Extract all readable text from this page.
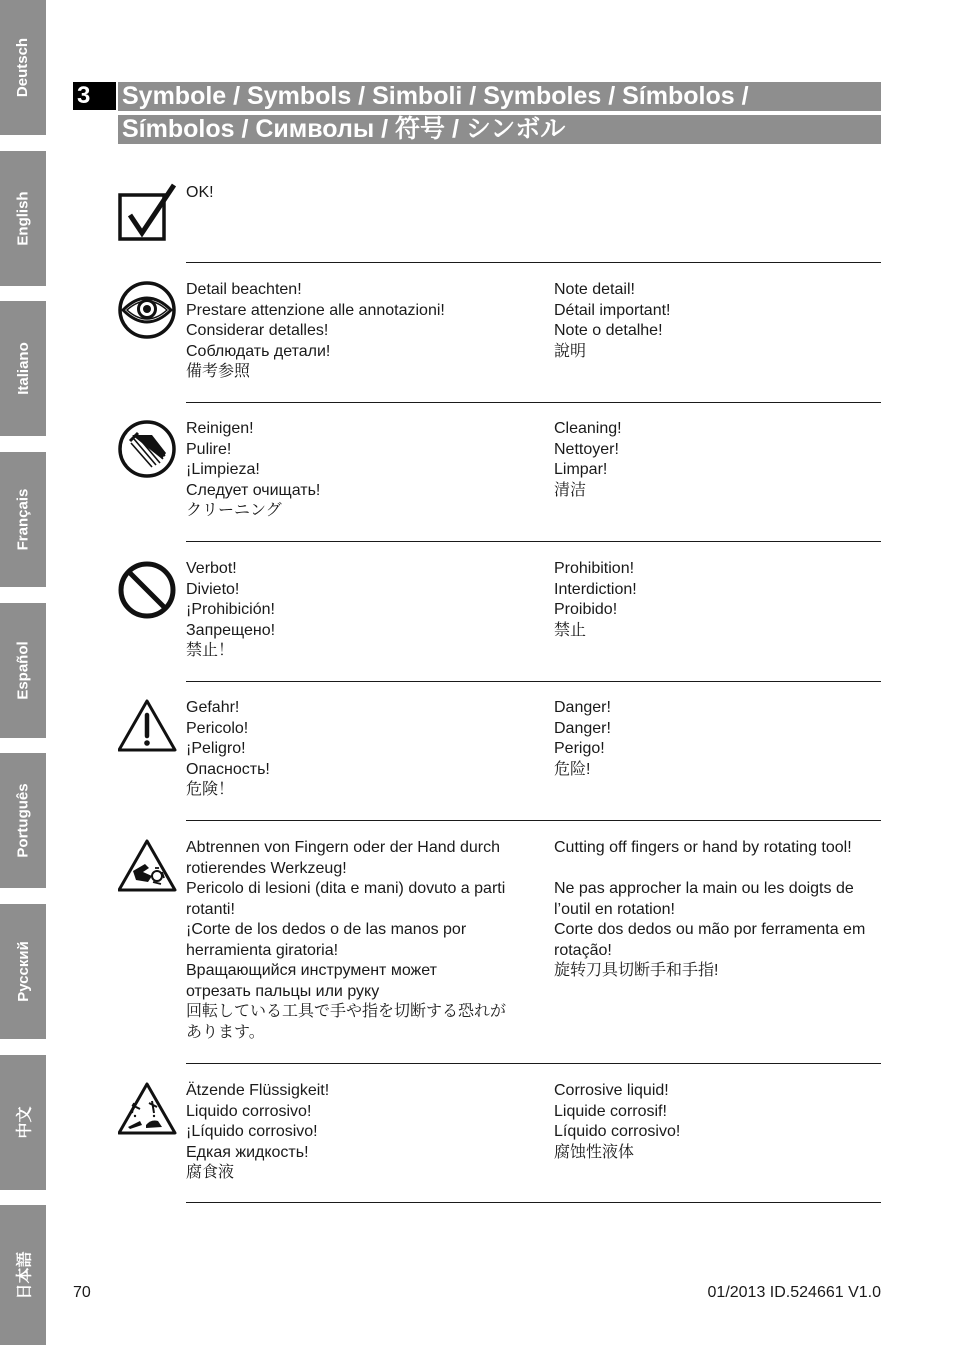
Deutsch
English
Italiano
Français
Español
Português
Русский
中文
日本語
3	Symbole / Symbols / Simboli / Symboles / Símbolos /
Símbolos / Символы / 符号 / シンボル
OK!
Detail beachten!
Prestare attenzione alle annotazioni!
Considerar detalles!
Соблюдать детали!
備考参照
Note detail!
Détail important!
Note o detalhe!
說明
Reinigen!
Pulire!
¡Limpieza!
Следует очищать!
クリーニング
Cleaning!
Nettoyer!
Limpar!
清洁
Verbot!
Divieto!
¡Prohibición!
Запрещено!
禁止！
Prohibition!
Interdiction!
Proibido!
禁止
Gefahr!
Pericolo!
¡Peligro!
Опасность!
危険！
Danger!
Danger!
Perigo!
危险!
Abtrennen von Fingern oder der Hand durch rotierendes Werkzeug!
Pericolo di lesioni (dita e mani) dovuto a parti rotanti!
¡Corte de los dedos o de las manos por herramienta giratoria!
Вращающийся инструмент может отрезать пальцы или руку
回転している工具で手や指を切断する恐れがあります。
Cutting off fingers or hand by rotating tool!
Ne pas approcher la main ou les doigts de l’outil en rotation!
Corte dos dedos ou mão por ferramenta em rotação!
旋转刀具切断手和手指!
Ätzende Flüssigkeit!
Liquido corrosivo!
¡Líquido corrosivo!
Едкая жидкость!
腐食液
Corrosive liquid!
Liquide corrosif!
Líquido corrosivo!
腐蚀性液体
70	01/2013 ID.524661 V1.0
